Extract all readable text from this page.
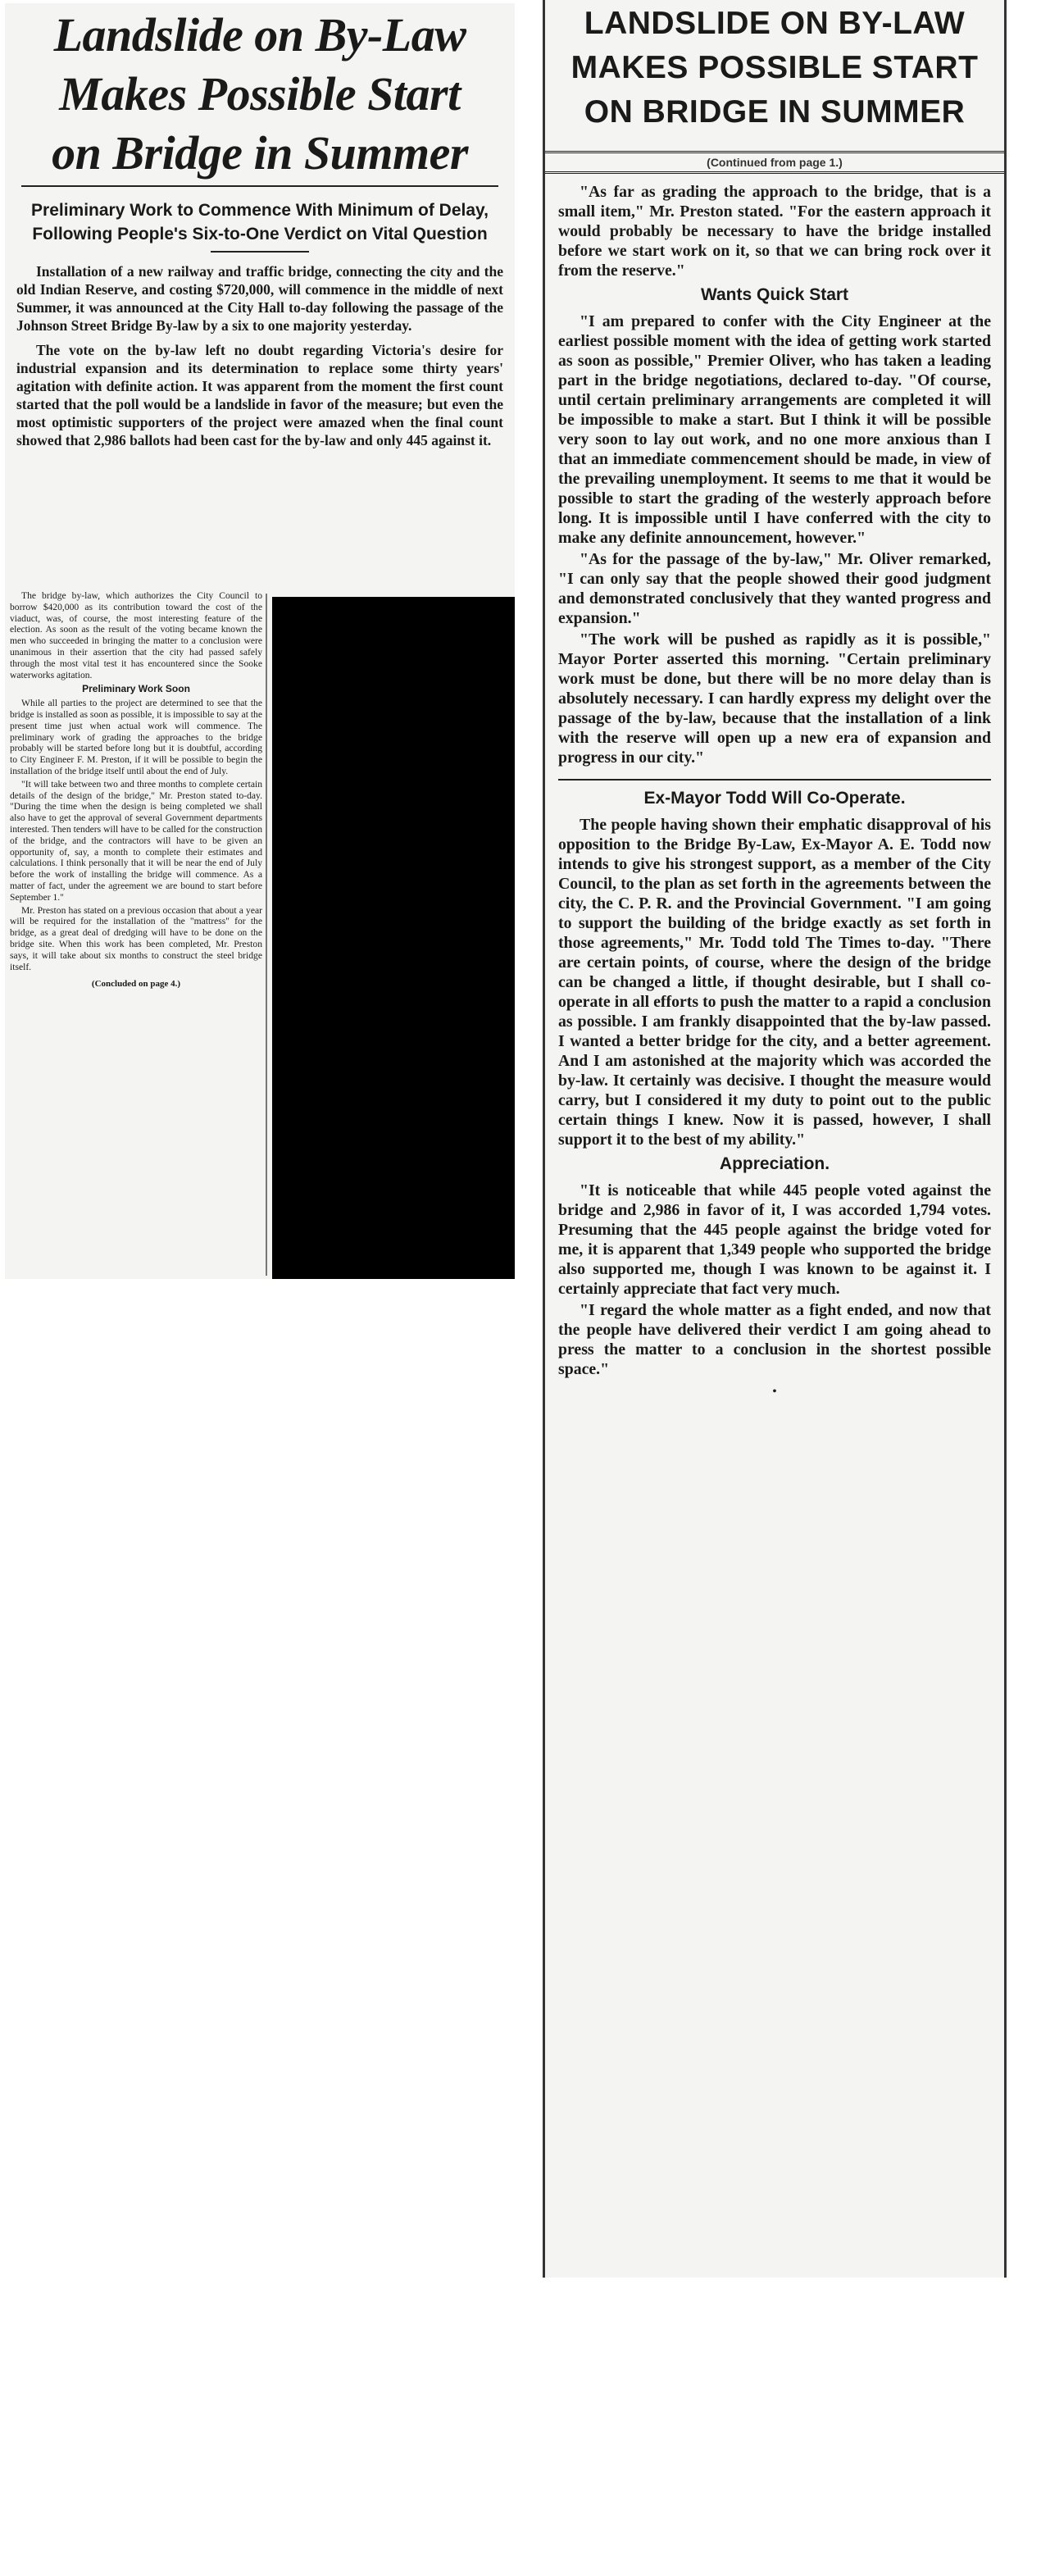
Landslide on By-Law
Makes Possible Start
on Bridge in Summer
Preliminary Work to Commence With Minimum of Delay, Following People's Six-to-One Verdict on Vital Question

Installation of a new railway and traffic bridge, connecting the city and the old Indian Reserve, and costing $720,000, will commence in the middle of next Summer, it was announced at the City Hall to-day following the passage of the Johnson Street Bridge By-law by a six to one majority yesterday.

The vote on the by-law left no doubt regarding Victoria's desire for industrial expansion and its determination to replace some thirty years' agitation with definite action. It was apparent from the moment the first count started that the poll would be a landslide in favor of the measure; but even the most optimistic supporters of the project were amazed when the final count showed that 2,986 ballots had been cast for the by-law and only 445 against it.

The bridge by-law, which authorizes the City Council to borrow $420,000 as its contribution toward the cost of the viaduct, was, of course, the most interesting feature of the election. As soon as the result of the voting became known the men who succeeded in bringing the matter to a conclusion were unanimous in their assertion that the city had passed safely through the most vital test it has encountered since the Sooke waterworks agitation.

Preliminary Work Soon

While all parties to the project are determined to see that the bridge is installed as soon as possible, it is impossible to say at the present time just when actual work will commence. The preliminary work of grading the approaches to the bridge probably will be started before long but it is doubtful, according to City Engineer F. M. Preston, if it will be possible to begin the installation of the bridge itself until about the end of July.

"It will take between two and three months to complete certain details of the design of the bridge," Mr. Preston stated to-day. "During the time when the design is being completed we shall also have to get the approval of several Government departments interested. Then tenders will have to be called for the construction of the bridge, and the contractors will have to be given an opportunity of, say, a month to complete their estimates and calculations. I think personally that it will be near the end of July before the work of installing the bridge will commence. As a matter of fact, under the agreement we are bound to start before September 1."

Mr. Preston has stated on a previous occasion that about a year will be required for the installation of the "mattress" for the bridge, as a great deal of dredging will have to be done on the bridge site. When this work has been completed, Mr. Preston says, it will take about six months to construct the steel bridge itself.

(Concluded on page 4.)

LANDSLIDE ON BY-LAW
MAKES POSSIBLE START
ON BRIDGE IN SUMMER
(Continued from page 1.)

"As far as grading the approach to the bridge, that is a small item," Mr. Preston stated. "For the eastern approach it would probably be necessary to have the bridge installed before we start work on it, so that we can bring rock over it from the reserve."

Wants Quick Start

"I am prepared to confer with the City Engineer at the earliest possible moment with the idea of getting work started as soon as possible," Premier Oliver, who has taken a leading part in the bridge negotiations, declared to-day. "Of course, until certain preliminary arrangements are completed it will be impossible to make a start. But I think it will be possible very soon to lay out work, and no one more anxious than I that an immediate commencement should be made, in view of the prevailing unemployment. It seems to me that it would be possible to start the grading of the westerly approach before long. It is impossible until I have conferred with the city to make any definite announcement, however."

"As for the passage of the by-law," Mr. Oliver remarked, "I can only say that the people showed their good judgment and demonstrated conclusively that they wanted progress and expansion."

"The work will be pushed as rapidly as it is possible," Mayor Porter asserted this morning. "Certain preliminary work must be done, but there will be no more delay than is absolutely necessary. I can hardly express my delight over the passage of the by-law, because that the installation of a link with the reserve will open up a new era of expansion and progress in our city."

Ex-Mayor Todd Will Co-Operate.

The people having shown their emphatic disapproval of his opposition to the Bridge By-Law, Ex-Mayor A. E. Todd now intends to give his strongest support, as a member of the City Council, to the plan as set forth in the agreements between the city, the C. P. R. and the Provincial Government. "I am going to support the building of the bridge exactly as set forth in those agreements," Mr. Todd told The Times to-day. "There are certain points, of course, where the design of the bridge can be changed a little, if thought desirable, but I shall co-operate in all efforts to push the matter to a rapid a conclusion as possible. I am frankly disappointed that the by-law passed. I wanted a better bridge for the city, and a better agreement. And I am astonished at the majority which was accorded the by-law. It certainly was decisive. I thought the measure would carry, but I considered it my duty to point out to the public certain things I knew. Now it is passed, however, I shall support it to the best of my ability."

Appreciation.

"It is noticeable that while 445 people voted against the bridge and 2,986 in favor of it, I was accorded 1,794 votes. Presuming that the 445 people against the bridge voted for me, it is apparent that 1,349 people who supported the bridge also supported me, though I was known to be against it. I certainly appreciate that fact very much.

"I regard the whole matter as a fight ended, and now that the people have delivered their verdict I am going ahead to press the matter to a conclusion in the shortest possible space."

•
